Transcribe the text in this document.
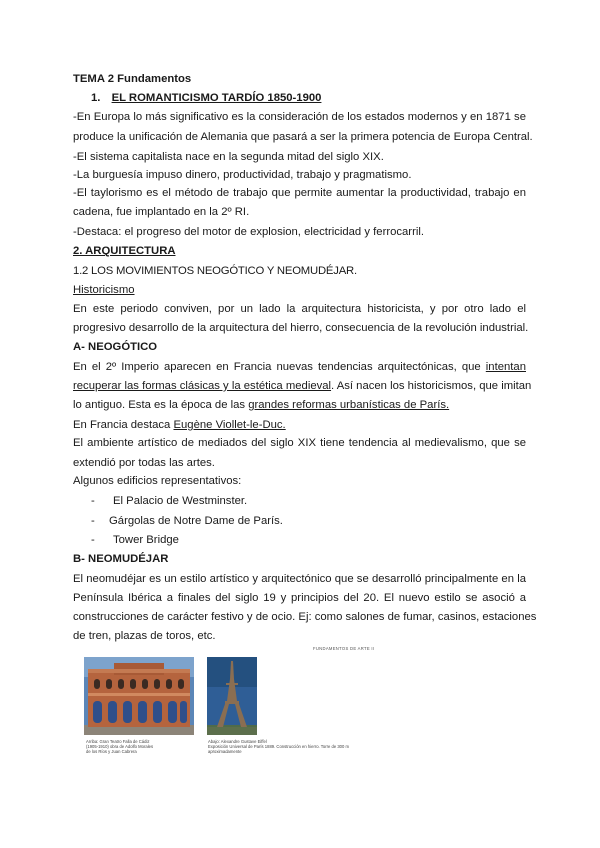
TEMA 2 Fundamentos
1. EL ROMANTICISMO TARDÍO 1850-1900
-En Europa lo más significativo es la consideración de los estados modernos y en 1871 se
produce la unificación de Alemania que pasará a ser la primera potencia de Europa Central.
-El sistema capitalista nace en la segunda mitad del siglo XIX.
-La burguesía impuso dinero, productividad, trabajo y pragmatismo.
-El taylorismo es el método de trabajo que permite aumentar la productividad, trabajo en
cadena, fue implantado en la 2º RI.
-Destaca: el progreso del motor de explosion, electricidad y ferrocarril.
2. ARQUITECTURA
1.2 LOS MOVIMIENTOS NEOGÓTICO Y NEOMUDÉJAR.
Historicismo
En este periodo conviven, por un lado la arquitectura historicista, y por otro lado el
progresivo desarrollo de la arquitectura del hierro, consecuencia de la revolución industrial.
A- NEOGÓTICO
En el 2º Imperio aparecen en Francia nuevas tendencias arquitectónicas, que intentan
recuperar las formas clásicas y la estética medieval. Así nacen los historicismos, que imitan
lo antiguo. Esta es la época de las grandes reformas urbanísticas de París.
En Francia destaca Eugène Viollet-le-Duc.
El ambiente artístico de mediados del siglo XIX tiene tendencia al medievalismo, que se
extendió por todas las artes.
Algunos edificios representativos:
- El Palacio de Westminster.
- Gárgolas de Notre Dame de París.
- Tower Bridge
B- NEOMUDÉJAR
El neomudéjar es un estilo artístico y arquitectónico que se desarrolló principalmente en la
Península Ibérica a finales del siglo 19 y principios del 20. El nuevo estilo se asoció a
construcciones de carácter festivo y de ocio. Ej: como salones de fumar, casinos, estaciones
de tren, plazas de toros, etc.
FUNDAMENTOS DE ARTE II
Arriba: Gran Teatro Falla de Cádiz
(1905-1910) obra de Adolfo Morales
de los Ríos y Juan Cabrera
Abajo: Alexandre Gustave Eiffel
Exposición Universal de París 1889. Construcción en hierro. Torre de 300 m
aproximadamente
